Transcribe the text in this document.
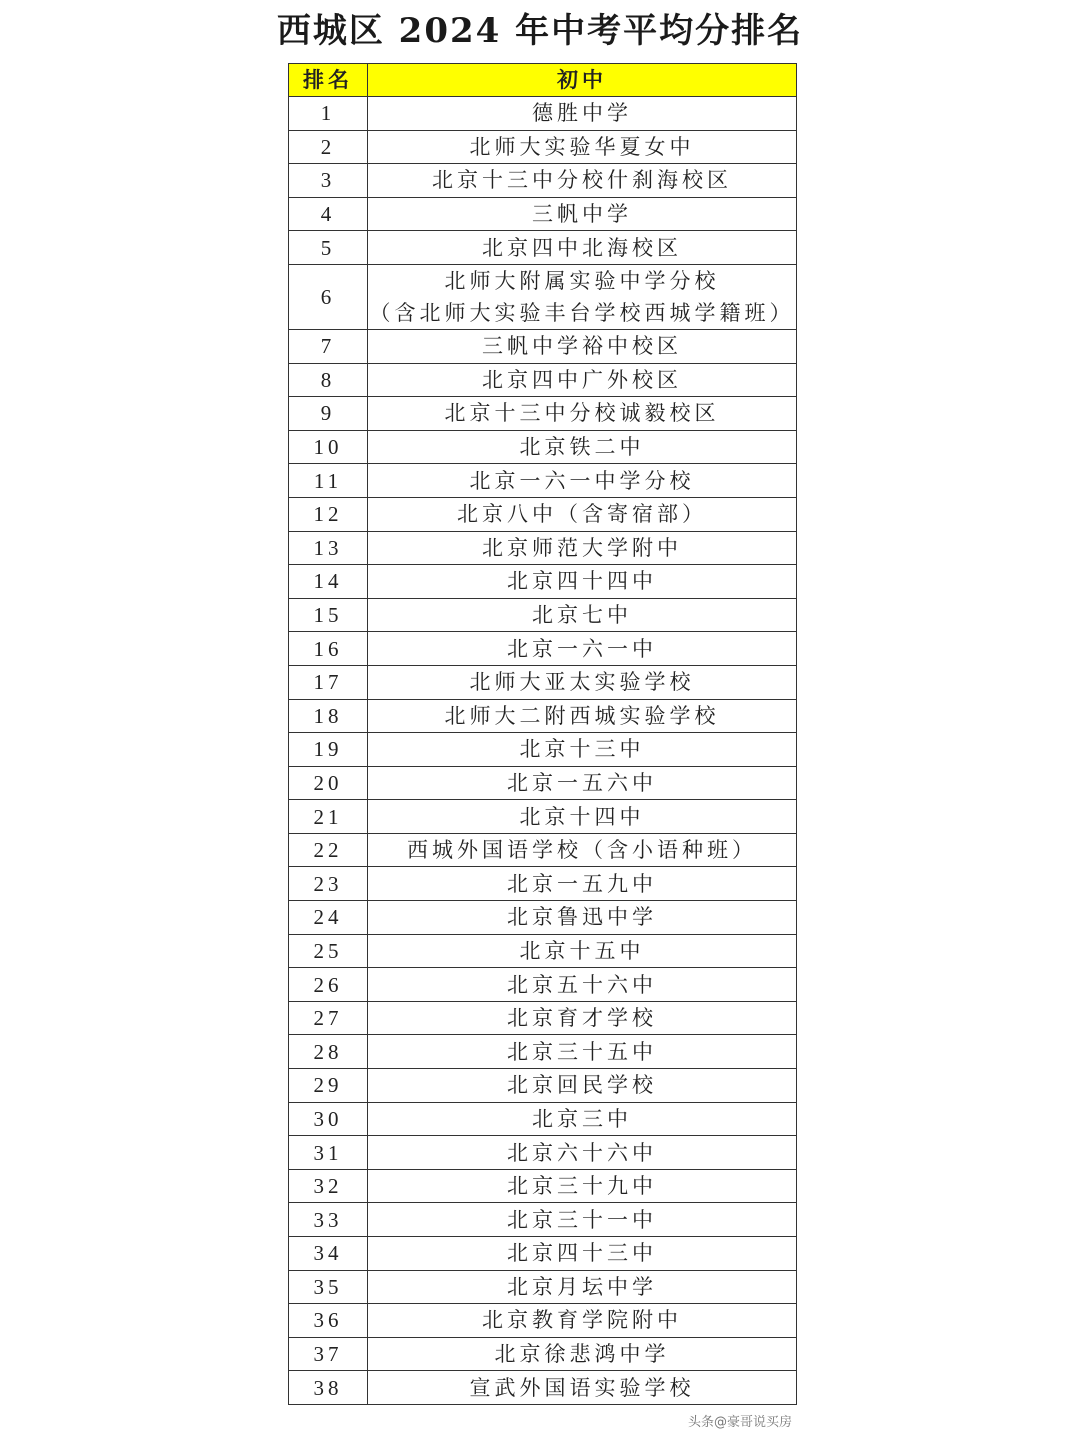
西城区 2024 年中考平均分排名
排名	初中
1	德胜中学

2	北师大实验华夏女中

3	北京十三中分校什刹海校区

4	三帆中学

5	北京四中北海校区

6	北师大附属实验中学分校
（含北师大实验丰台学校西城学籍班）

7	三帆中学裕中校区

8	北京四中广外校区

9	北京十三中分校诚毅校区

10	北京铁二中

11	北京一六一中学分校

12	北京八中（含寄宿部）

13	北京师范大学附中

14	北京四十四中

15	北京七中

16	北京一六一中

17	北师大亚太实验学校

18	北师大二附西城实验学校

19	北京十三中

20	北京一五六中

21	北京十四中

22	西城外国语学校（含小语种班）

23	北京一五九中

24	北京鲁迅中学

25	北京十五中

26	北京五十六中

27	北京育才学校

28	北京三十五中

29	北京回民学校

30	北京三中

31	北京六十六中

32	北京三十九中

33	北京三十一中

34	北京四十三中

35	北京月坛中学

36	北京教育学院附中

37	北京徐悲鸿中学

38	宣武外国语实验学校
头条@豪哥说买房
